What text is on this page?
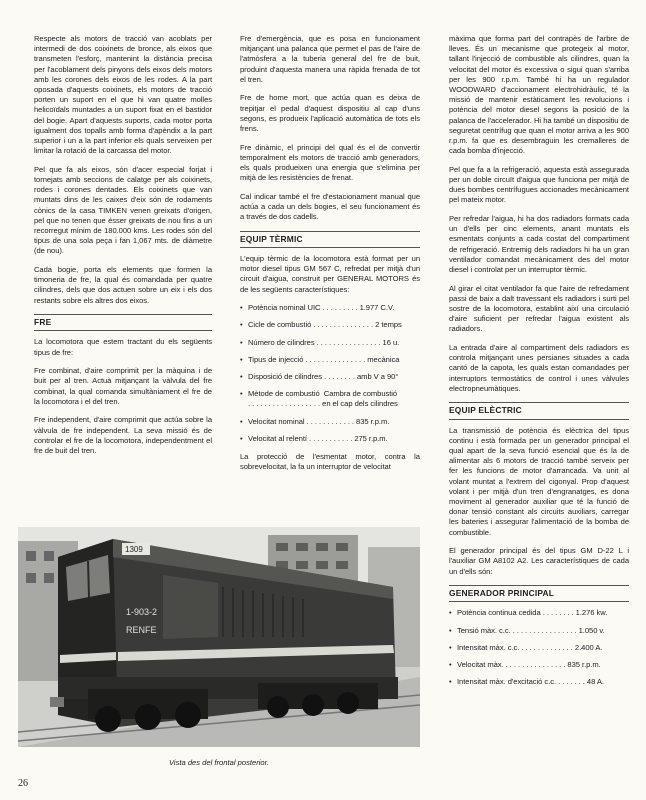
Respecte als motors de tracció van acoblats per intermedi de dos coixinets de bronce, als eixos que transmeten l'esforç, mantenint la distància precisa per l'acoblament dels pinyons dels eixos dels motors amb les corones dels eixos de les rodes. A la part oposada d'aquests coixinets, els motors de tracció porten un suport en el que hi van quatre molles helicoïdals muntades a un suport fixat en el bastidor del bogie. Apart d'aquests suports, cada motor porta igualment dos topalls amb forma d'apèndix a la part superior i un a la part inferior els quals serveixen per limitar la rotació de la carcassa del motor.

Pel que fa als eixos, són d'acer especial forjat i tornejats amb seccions de calatge per als coixinets, rodes i corones dentades. Els coixinets que van muntats dins de les caixes d'eix són de rodaments cònics de la casa TIMKEN venen greixats d'origen, pel que no tenen que ésser greixats de nou fins a un recorregut mínim de 180.000 kms. Les rodes són del tipus de una sola peça i fan 1,067 mts. de diàmetre (de nou).

Cada bogie, porta els elements que formen la timoneria de fre, la qual és comandada per quatre cilindres, dels que dos actuen sobre un eix i els dos restants sobre els altres dos eixos.

FRE

La locomotora que estem tractant du els següents tipus de fre:

Fre combinat, d'aire comprimit per la màquina i de buit per al tren. Actuà mitjançant la vàlvula del fre combinat, la qual comanda simultàniament el fre de la locomotora i el del tren.

Fre independent, d'aire comprimit que actúa sobre la vàlvula de fre independent. La seva missió és de controlar el fre de la locomotora, independentment el fre de buit del tren.

Fre d'emergència, que es posa en funcionament mitjançant una palanca que permet el pas de l'aire de l'atmòsfera a la tuberia general del fre de buit, produint d'aquesta manera una ràpida frenada de tot el tren.

Fre de home mort, que actúa quan es deixa de trepitjar el pedal d'aquest dispositiu al cap d'uns segons, es produeix l'aplicació automàtica de tots els frens.

Fre dinàmic, el principi del qual és el de convertir temporalment els motors de tracció amb generadors, els quals produeixen una energia que s'elimina per mitjà de les resistències de frenat.

Cal indicar també el fre d'estacionament manual que actúa a cada un dels bogies, el seu funcionament és a través de dos cadells.

EQUIP TÈRMIC

L'equip tèrmic de la locomotora està format per un motor diesel tipus GM 567 C, refredat per mitjà d'un circuit d'aigua, construit per GENERAL MOTORS és de les següents característiques:

• Potència nominal UIC . . . . . . . . . 1.977 C.V.
• Cicle de combustió . . . . . . . . . . . . . . . 2 temps
• Número de cilindres . . . . . . . . . . . . . . . . 16 u.
• Tipus de injecció . . . . . . . . . . . . . . . mecànica
• Disposició de cilindres . . . . . . . . amb V a 90°
• Mètode de combustió  Cambra de combustió
. . . . . . . . . . . . . . . . . . en el cap dels cilindres
• Velocitat nominal . . . . . . . . . . . . 835 r.p.m.
• Velocitat al relentí . . . . . . . . . . . 275 r.p.m.

La protecció de l'esmentat motor, contra la sobrevelocitat, la fa un interruptor de velocitat

màxima que forma part del contrapès de l'arbre de lleves. És un mecanisme que protegeix al motor, tallant l'injecció de combustible als cilindres, quan la velocitat del motor és excessiva o sigui quan s'arriba per les 900 r.p.m. També hi ha un regulador WOODWARD d'accionament electrohidràulic, té la missió de mantenir estàticament les revolucions i potència del motor diesel segons la posició de la palanca de l'accelerador. Hi ha també un dispositiu de seguretat centrífug que quan el motor arriva a les 900 r.p.m. fa que es desembraguin les cremalleres de cada bomba d'injecció.

Pel que fa a la refrigeració, aquesta està assegurada per un doble circuït d'aigua que funciona per mitjà de dues bombes centrífugues accionades mecànicament pel mateix motor.

Per refredar l'aigua, hi ha dos radiadors formats cada un d'ells per cinc elements, anant muntats els esmentats conjunts a cada costat del compartiment de refrigeració. Entremig dels radiadors hi ha un gran ventilador comandat mecànicament des del motor diesel i controlat per un interruptor tèrmic.

Al girar el citat ventilador fa que l'aire de refredament passi de baix a dalt travessant els radiadors i surti pel sostre de la locomotora, establint així una circulació d'aire suficient per refredar l'aigua existent als radiadors.

La entrada d'aire al compartiment dels radiadors es controla mitjançant unes persianes situades a cada cantó de la capota, les quals estan comandades per interruptors termostàtics de control i unes vàlvules electropneumàtiques.

EQUIP ELÈCTRIC

La transmissió de potència és elèctrica del tipus continu i està formada per un generador principal el qual apart de la seva funció esencial que és la de alimentar als 6 motors de tracció també serveix per fer les funcions de motor d'arrancada. Va unit al volant muntat a l'extrem del cigonyal. Prop d'aquest volant i per mitjà d'un tren d'engranatges, es dona moviment al generador auxiliar que té la funció de donar tensió constant als circuits auxiliars, carregar les bateries i assegurar l'alimentació de la bomba de combustible.

El generador principal és del tipus GM D-22 L i l'auxiliar GM A8102 A2. Les característiques de cada un d'ells són:

GENERADOR PRINCIPAL
• Potència continua cedida . . . . . . . . 1.276 kw.
• Tensió màx. c.c. . . . . . . . . . . . . . . . . 1.050 v.
• Intensitat màx. c.c. . . . . . . . . . . . . . 2.400 A.
• Velocitat màx. . . . . . . . . . . . . . . . 835 r.p.m.
• Intensitat màx. d'excitació c.c. . . . . . . . 48 A.
1309
1-903-2
RENFE
Vista des del frontal posterior.
26
